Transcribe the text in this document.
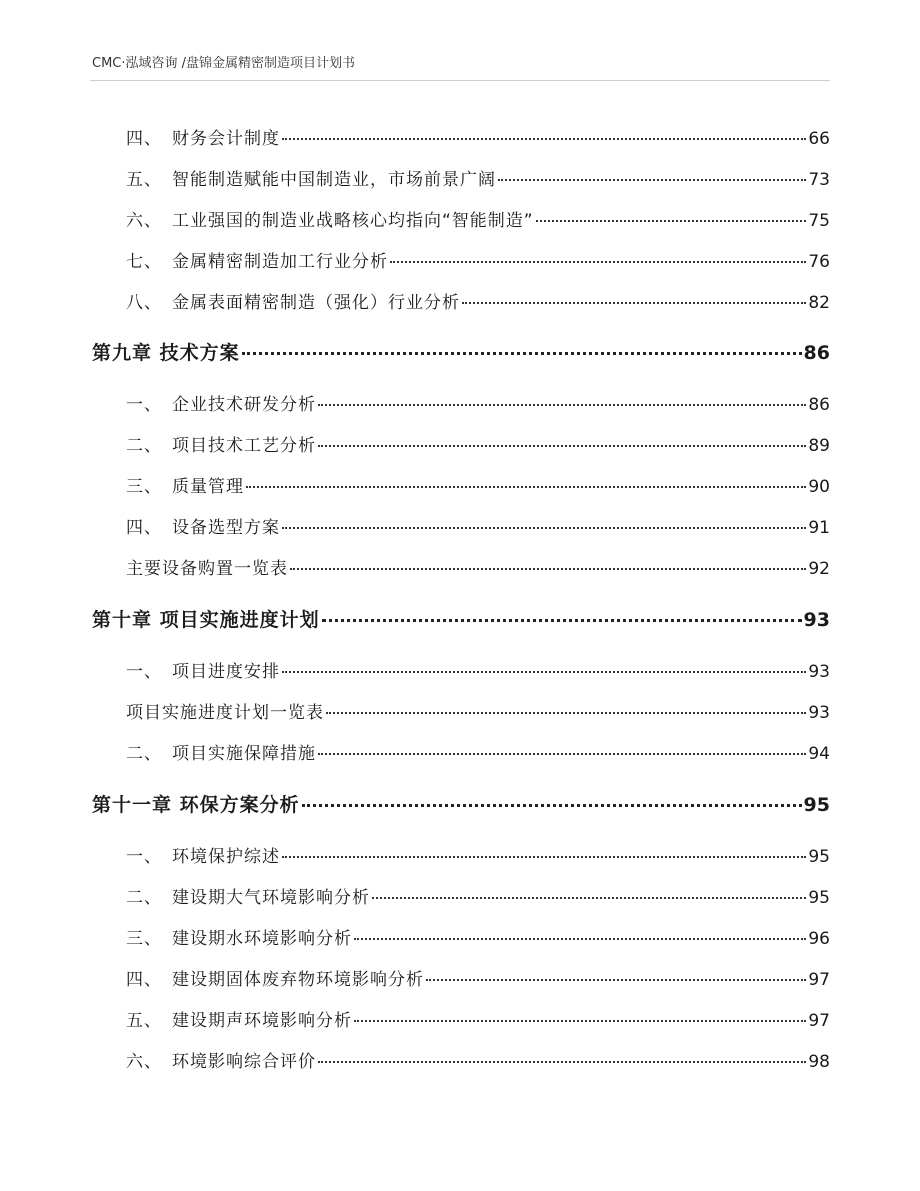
CMC·泓域咨询 /盘锦金属精密制造项目计划书
四、 财务会计制度	66
五、 智能制造赋能中国制造业，市场前景广阔	73
六、 工业强国的制造业战略核心均指向“智能制造”	75
七、 金属精密制造加工行业分析	76
八、 金属表面精密制造（强化）行业分析	82
第九章 技术方案	86
一、 企业技术研发分析	86
二、 项目技术工艺分析	89
三、 质量管理	90
四、 设备选型方案	91
主要设备购置一览表	92
第十章 项目实施进度计划	93
一、 项目进度安排	93
项目实施进度计划一览表	93
二、 项目实施保障措施	94
第十一章 环保方案分析	95
一、 环境保护综述	95
二、 建设期大气环境影响分析	95
三、 建设期水环境影响分析	96
四、 建设期固体废弃物环境影响分析	97
五、 建设期声环境影响分析	97
六、 环境影响综合评价	98
